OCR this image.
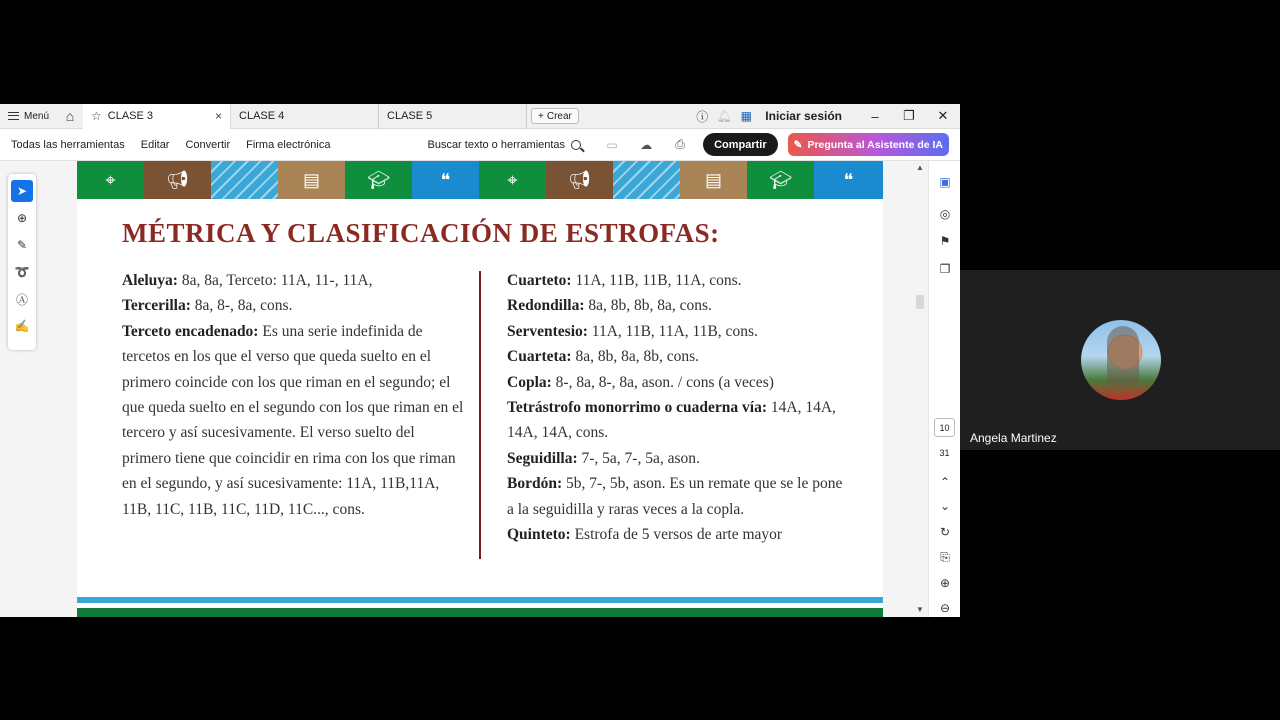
Menú ⌂ ☆ CLASE 3	× CLASE 4	CLASE 5	+ Crear	ⓘ 🔔︎ ▦	Iniciar sesión	–	❐	✕
Todas las herramientas	Editar	Convertir	Firma electrónica	Buscar texto o herramientas	▭	☁	⎙	Compartir	✎ Pregunta al Asistente de IA
⌖	📢︎	▤	🎓︎	❝	⌖	📢︎	▤	🎓︎	❝
MÉTRICA Y CLASIFICACIÓN DE ESTROFAS:
Aleluya: 8a, 8a, Terceto: 11A, 11-, 11A,
Tercerilla: 8a, 8-, 8a, cons.
Terceto encadenado: Es una serie indefinida de tercetos en los que el verso que queda suelto en el primero coincide con los que riman en el segundo; el que queda suelto en el segundo con los que riman en el tercero y así sucesivamente. El verso suelto del primero tiene que coincidir en rima con los que riman en el segundo, y así sucesivamente: 11A, 11B,11A, 11B, 11C, 11B, 11C, 11D, 11C..., cons.
Cuarteto: 11A, 11B, 11B, 11A, cons.
Redondilla: 8a, 8b, 8b, 8a, cons.
Serventesio: 11A, 11B, 11A, 11B, cons.
Cuarteta: 8a, 8b, 8a, 8b, cons.
Copla: 8-, 8a, 8-, 8a, ason. / cons (a veces)
Tetrástrofo monorrimo o cuaderna vía: 14A, 14A, 14A, 14A, cons.
Seguidilla: 7-, 5a, 7-, 5a, ason.
Bordón: 5b, 7-, 5b, ason. Es un remate que se le pone a la seguidilla y raras veces a la copla.
Quinteto: Estrofa de 5 versos de arte mayor
➤
⊕
✎
➰
Ⓐ
✍
▲
▼
▣
◎
⚑
❐
10
31
⌃
⌄
↻
⎘
⊕
⊖
Angela Martinez
